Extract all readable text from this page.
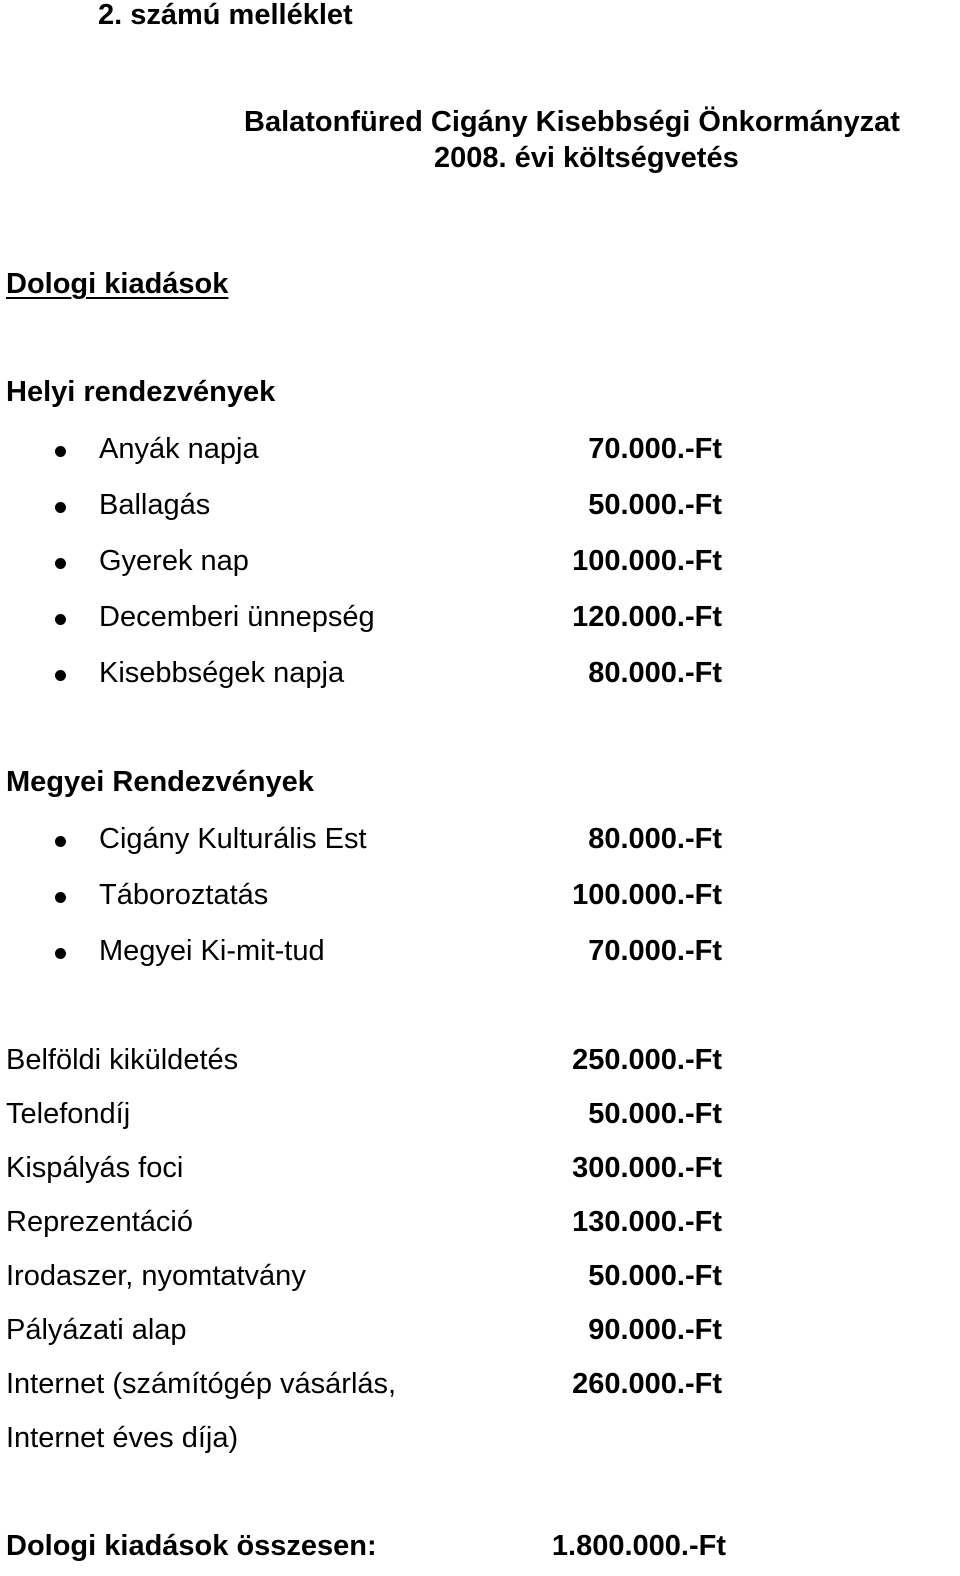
2. számú melléklet
Balatonfüred Cigány Kisebbségi Önkormányzat
2008. évi költségvetés
Dologi kiadások
Helyi rendezvények
Anyák napja	70.000.-Ft
Ballagás	50.000.-Ft
Gyerek nap	100.000.-Ft
Decemberi ünnepség	120.000.-Ft
Kisebbségek napja	80.000.-Ft
Megyei Rendezvények
Cigány Kulturális Est	80.000.-Ft
Táboroztatás	100.000.-Ft
Megyei Ki-mit-tud	70.000.-Ft
Belföldi kiküldetés	250.000.-Ft
Telefondíj	50.000.-Ft
Kispályás foci	300.000.-Ft
Reprezentáció	130.000.-Ft
Irodaszer, nyomtatvány	50.000.-Ft
Pályázati alap	90.000.-Ft
Internet (számítógép vásárlás,	260.000.-Ft
Internet éves díja)
Dologi kiadások összesen:	1.800.000.-Ft
